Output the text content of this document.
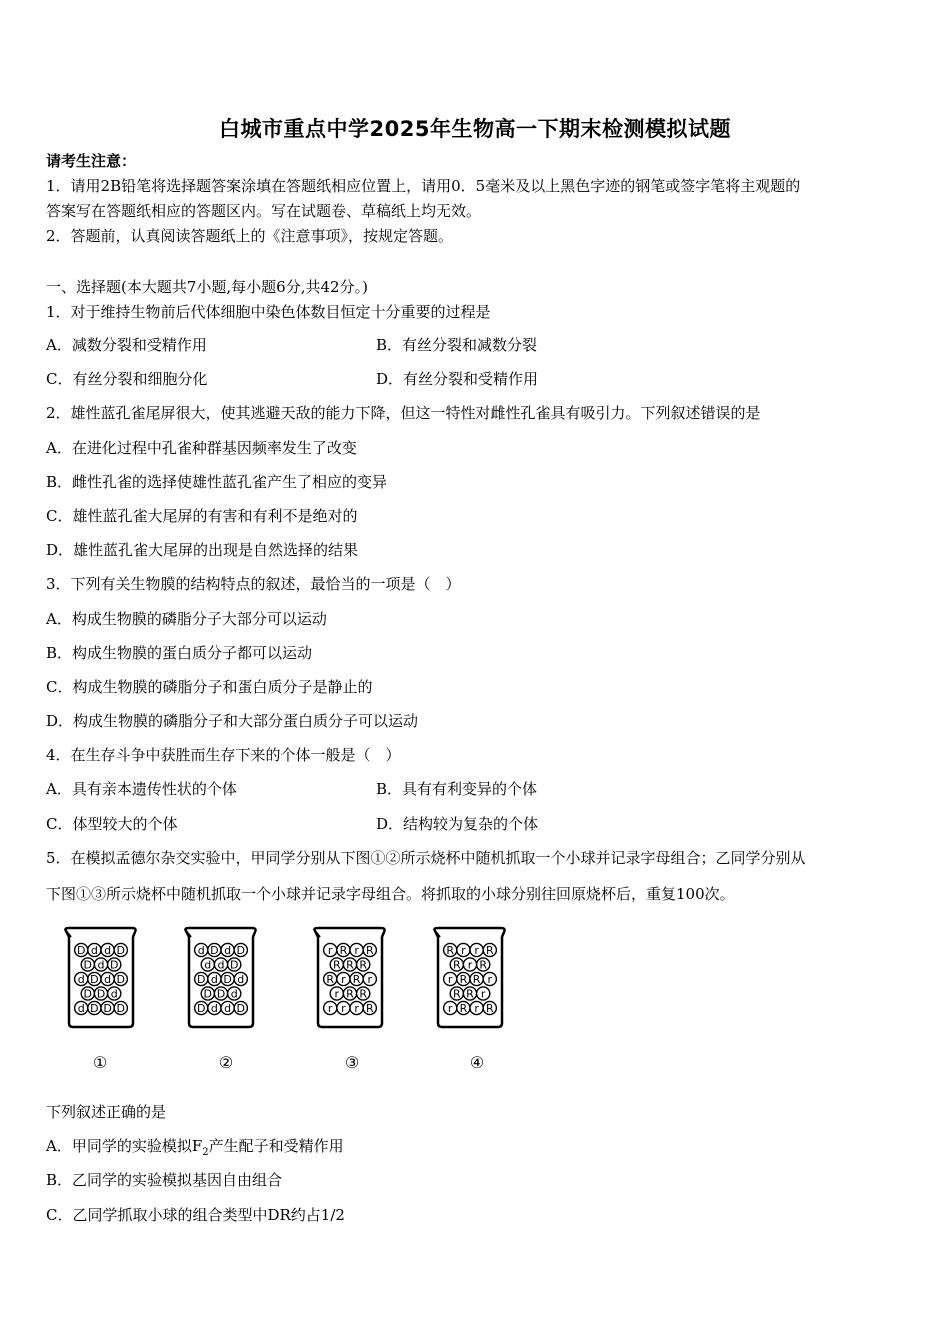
白城市重点中学2025年生物高一下期末检测模拟试题
请考生注意：
1．请用2B铅笔将选择题答案涂填在答题纸相应位置上，请用0．5毫米及以上黑色字迹的钢笔或签字笔将主观题的
答案写在答题纸相应的答题区内。写在试题卷、草稿纸上均无效。
2．答题前，认真阅读答题纸上的《注意事项》，按规定答题。
一、选择题(本大题共7小题,每小题6分,共42分。)
1．对于维持生物前后代体细胞中染色体数目恒定十分重要的过程是
A．减数分裂和受精作用	B．有丝分裂和减数分裂
C．有丝分裂和细胞分化	D．有丝分裂和受精作用
2．雄性蓝孔雀尾屏很大，使其逃避天敌的能力下降，但这一特性对雌性孔雀具有吸引力。下列叙述错误的是
A．在进化过程中孔雀种群基因频率发生了改变
B．雌性孔雀的选择使雄性蓝孔雀产生了相应的变异
C．雄性蓝孔雀大尾屏的有害和有利不是绝对的
D．雄性蓝孔雀大尾屏的出现是自然选择的结果
3．下列有关生物膜的结构特点的叙述，最恰当的一项是（　）
A．构成生物膜的磷脂分子大部分可以运动
B．构成生物膜的蛋白质分子都可以运动
C．构成生物膜的磷脂分子和蛋白质分子是静止的
D．构成生物膜的磷脂分子和大部分蛋白质分子可以运动
4．在生存斗争中获胜而生存下来的个体一般是（　）
A．具有亲本遗传性状的个体	B．具有有利变异的个体
C．体型较大的个体	D．结构较为复杂的个体
5．在模拟孟德尔杂交实验中，甲同学分别从下图①②所示烧杯中随机抓取一个小球并记录字母组合；乙同学分别从
下图①③所示烧杯中随机抓取一个小球并记录字母组合。将抓取的小球分别往回原烧杯后，重复100次。
D d d D
D d D
d D d D
D D d
d D D D
d D d D
d d D
D d D d
D D d
D d d D
r R r R
R R R
R r R r
r R R
r r r R
R r r R
R r R
r R R r
R R r
r R r R
①	②	③	④
下列叙述正确的是
A．甲同学的实验模拟$F_2$产生配子和受精作用
B．乙同学的实验模拟基因自由组合
C．乙同学抓取小球的组合类型中DR约占1/2
